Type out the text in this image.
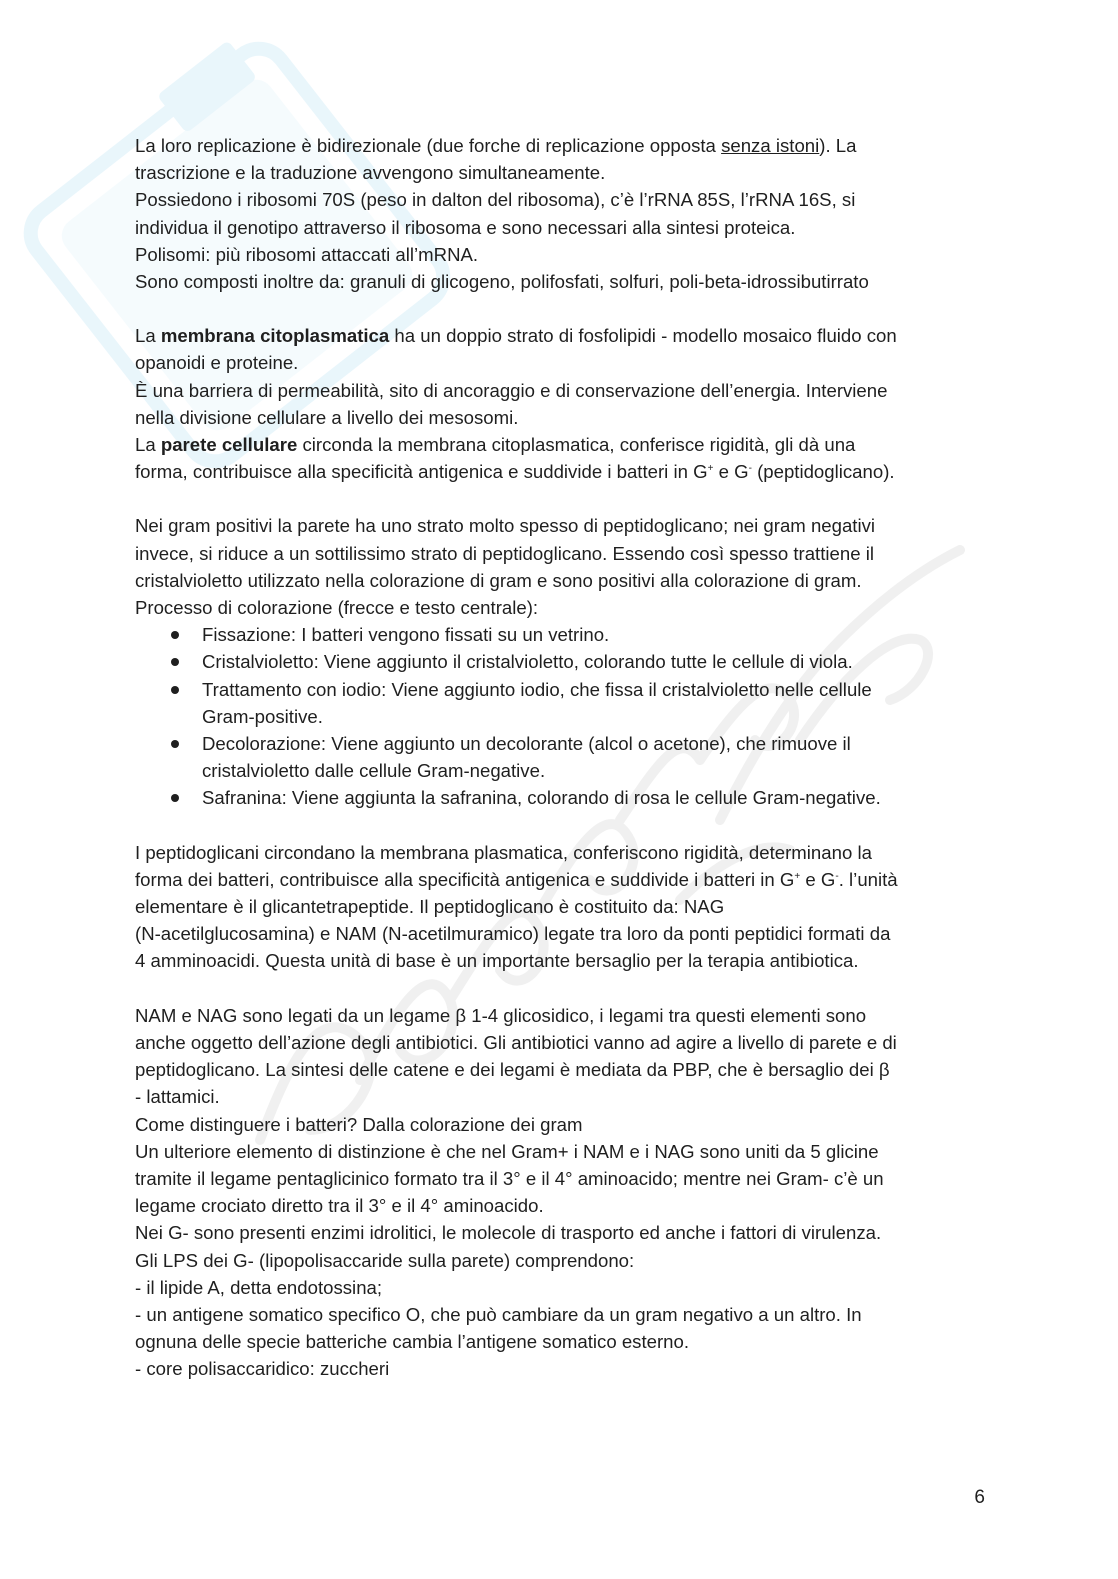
La loro replicazione è bidirezionale (due forche di replicazione opposta senza istoni). La

trascrizione e la traduzione avvengono simultaneamente.

Possiedono i ribosomi 70S (peso in dalton del ribosoma), c’è l’rRNA 85S, l’rRNA 16S, si

individua il genotipo attraverso il ribosoma e sono necessari alla sintesi proteica.

Polisomi: più ribosomi attaccati all’mRNA.

Sono composti inoltre da: granuli di glicogeno, polifosfati, solfuri, poli-beta-idrossibutirrato

La membrana citoplasmatica ha un doppio strato di fosfolipidi - modello mosaico fluido con

opanoidi e proteine.

È una barriera di permeabilità, sito di ancoraggio e di conservazione dell’energia. Interviene

nella divisione cellulare a livello dei mesosomi.

La parete cellulare circonda la membrana citoplasmatica, conferisce rigidità, gli dà una

forma, contribuisce alla specificità antigenica e suddivide i batteri in G+ e G- (peptidoglicano).

Nei gram positivi la parete ha uno strato molto spesso di peptidoglicano; nei gram negativi

invece, si riduce a un sottilissimo strato di peptidoglicano. Essendo così spesso trattiene il

cristalvioletto utilizzato nella colorazione di gram e sono positivi alla colorazione di gram.

Processo di colorazione (frecce e testo centrale):

Fissazione: I batteri vengono fissati su un vetrino.
Cristalvioletto: Viene aggiunto il cristalvioletto, colorando tutte le cellule di viola.
Trattamento con iodio: Viene aggiunto iodio, che fissa il cristalvioletto nelle cellule
Gram-positive.
Decolorazione: Viene aggiunto un decolorante (alcol o acetone), che rimuove il
cristalvioletto dalle cellule Gram-negative.
Safranina: Viene aggiunta la safranina, colorando di rosa le cellule Gram-negative.

I peptidoglicani circondano la membrana plasmatica, conferiscono rigidità, determinano la

forma dei batteri, contribuisce alla specificità antigenica e suddivide i batteri in G+ e G-. l’unità

elementare è il glicantetrapeptide. Il peptidoglicano è costituito da: NAG

(N-acetilglucosamina) e NAM (N-acetilmuramico) legate tra loro da ponti peptidici formati da

4 amminoacidi. Questa unità di base è un importante bersaglio per la terapia antibiotica.

NAM e NAG sono legati da un legame β 1-4 glicosidico, i legami tra questi elementi sono

anche oggetto dell’azione degli antibiotici. Gli antibiotici vanno ad agire a livello di parete e di

peptidoglicano. La sintesi delle catene e dei legami è mediata da PBP, che è bersaglio dei β

- lattamici.

Come distinguere i batteri? Dalla colorazione dei gram

Un ulteriore elemento di distinzione è che nel Gram+ i NAM e i NAG sono uniti da 5 glicine

tramite il legame pentaglicinico formato tra il 3° e il 4° aminoacido; mentre nei Gram- c’è un

legame crociato diretto tra il 3° e il 4° aminoacido.

Nei G- sono presenti enzimi idrolitici, le molecole di trasporto ed anche i fattori di virulenza.

Gli LPS dei G- (lipopolisaccaride sulla parete) comprendono:

- il lipide A, detta endotossina;

- un antigene somatico specifico O, che può cambiare da un gram negativo a un altro. In

ognuna delle specie batteriche cambia l’antigene somatico esterno.

- core polisaccaridico: zuccheri

6
